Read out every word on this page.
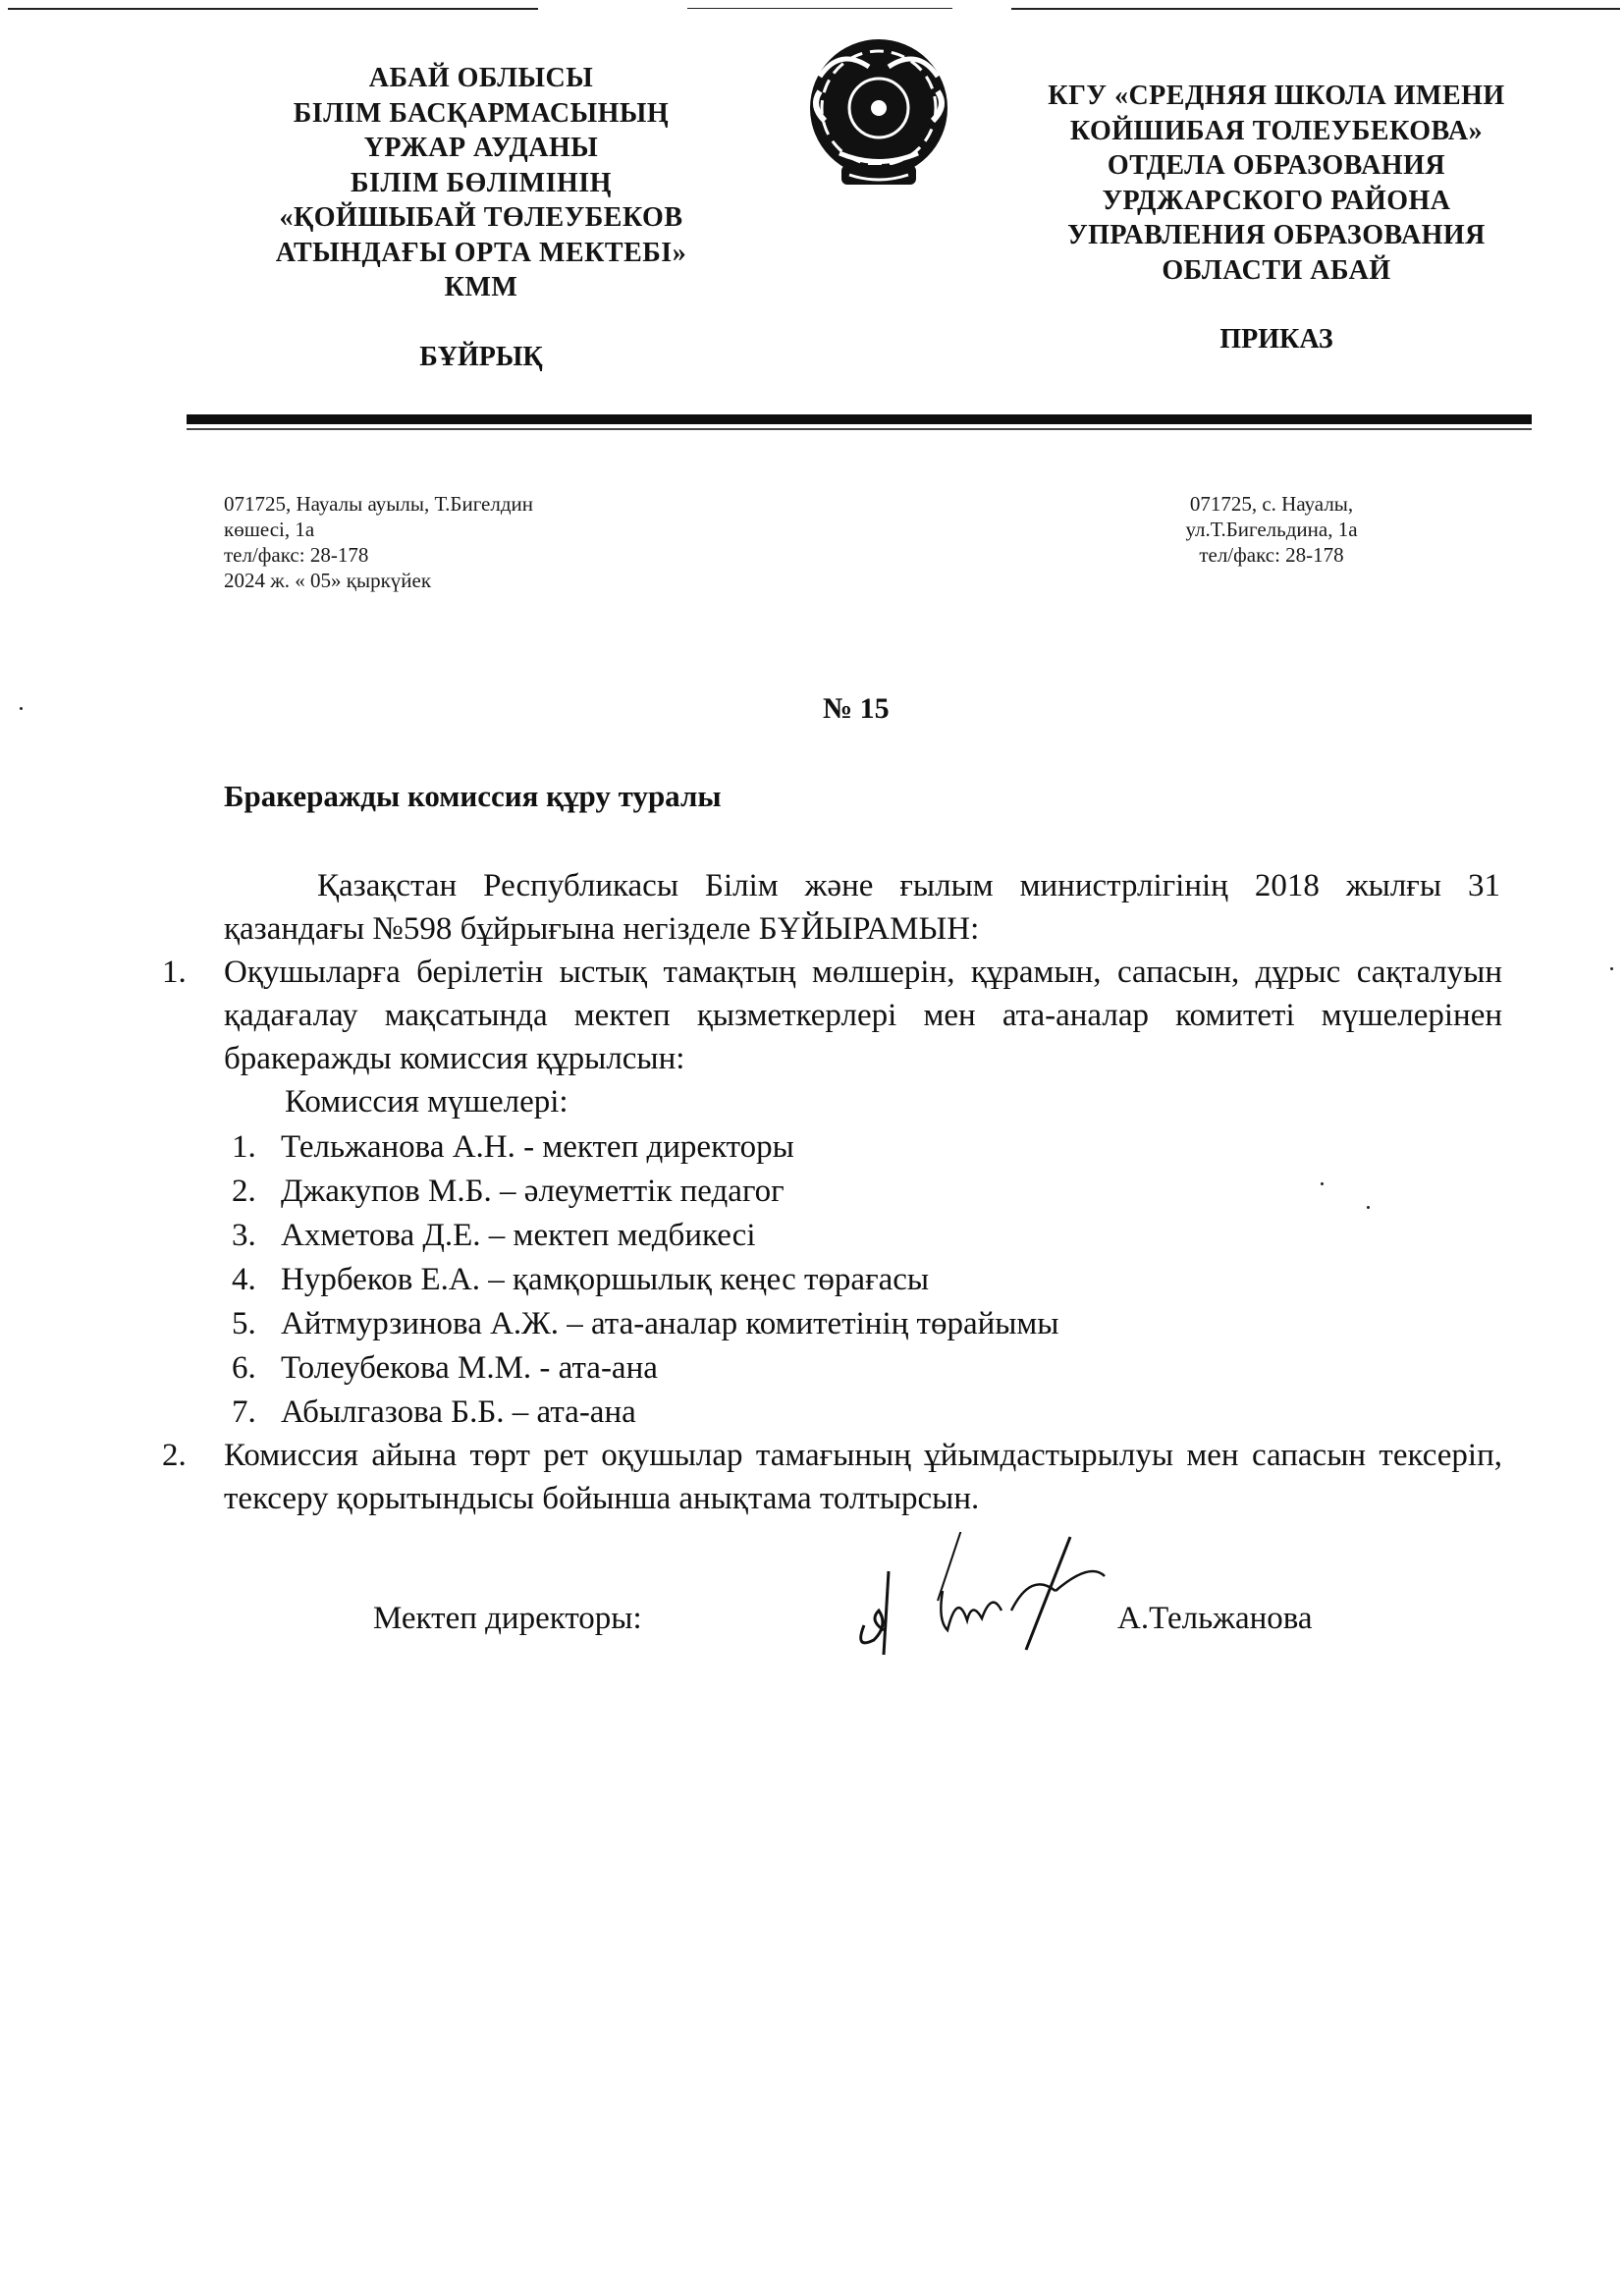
АБАЙ ОБЛЫСЫ
БІЛІМ БАСҚАРМАСЫНЫҢ
ҮРЖАР АУДАНЫ
БІЛІМ БӨЛІМІНІҢ
«ҚОЙШЫБАЙ ТӨЛЕУБЕКОВ
АТЫНДАҒЫ ОРТА МЕКТЕБІ»
КММ
БҰЙРЫҚ
КГУ «СРЕДНЯЯ ШКОЛА ИМЕНИ
КОЙШИБАЯ ТОЛЕУБЕКОВА»
ОТДЕЛА ОБРАЗОВАНИЯ
УРДЖАРСКОГО РАЙОНА
УПРАВЛЕНИЯ ОБРАЗОВАНИЯ
ОБЛАСТИ АБАЙ
ПРИКАЗ
071725, Науалы ауылы, Т.Бигелдин
көшесі, 1а
тел/факс: 28-178
2024 ж. « 05» қыркүйек
071725, с. Науалы,
ул.Т.Бигельдина, 1а
тел/факс: 28-178
№ 15
Бракеражды комиссия құру туралы
Қазақстан Республикасы Білім және ғылым министрлігінің 2018 жылғы 31 қазандағы №598 бұйрығына негізделе БҰЙЫРАМЫН:
1.	Оқушыларға берілетін ыстық тамақтың мөлшерін, құрамын, сапасын, дұрыс сақталуын қадағалау мақсатында мектеп қызметкерлері мен ата-аналар комитеті мүшелерінен бракеражды комиссия құрылсын:
Комиссия мүшелері:
1. Тельжанова А.Н. - мектеп директоры
2. Джакупов М.Б. – әлеуметтік педагог
3. Ахметова Д.Е. – мектеп медбикесі
4. Нурбеков Е.А. – қамқоршылық кеңес төрағасы
5. Айтмурзинова А.Ж. – ата-аналар комитетінің төрайымы
6. Толеубекова М.М. - ата-ана
7. Абылгазова Б.Б. – ата-ана
2.	Комиссия айына төрт рет оқушылар тамағының ұйымдастырылуы мен сапасын тексеріп, тексеру қорытындысы бойынша анықтама толтырсын.
Мектеп директоры:	А.Тельжанова
